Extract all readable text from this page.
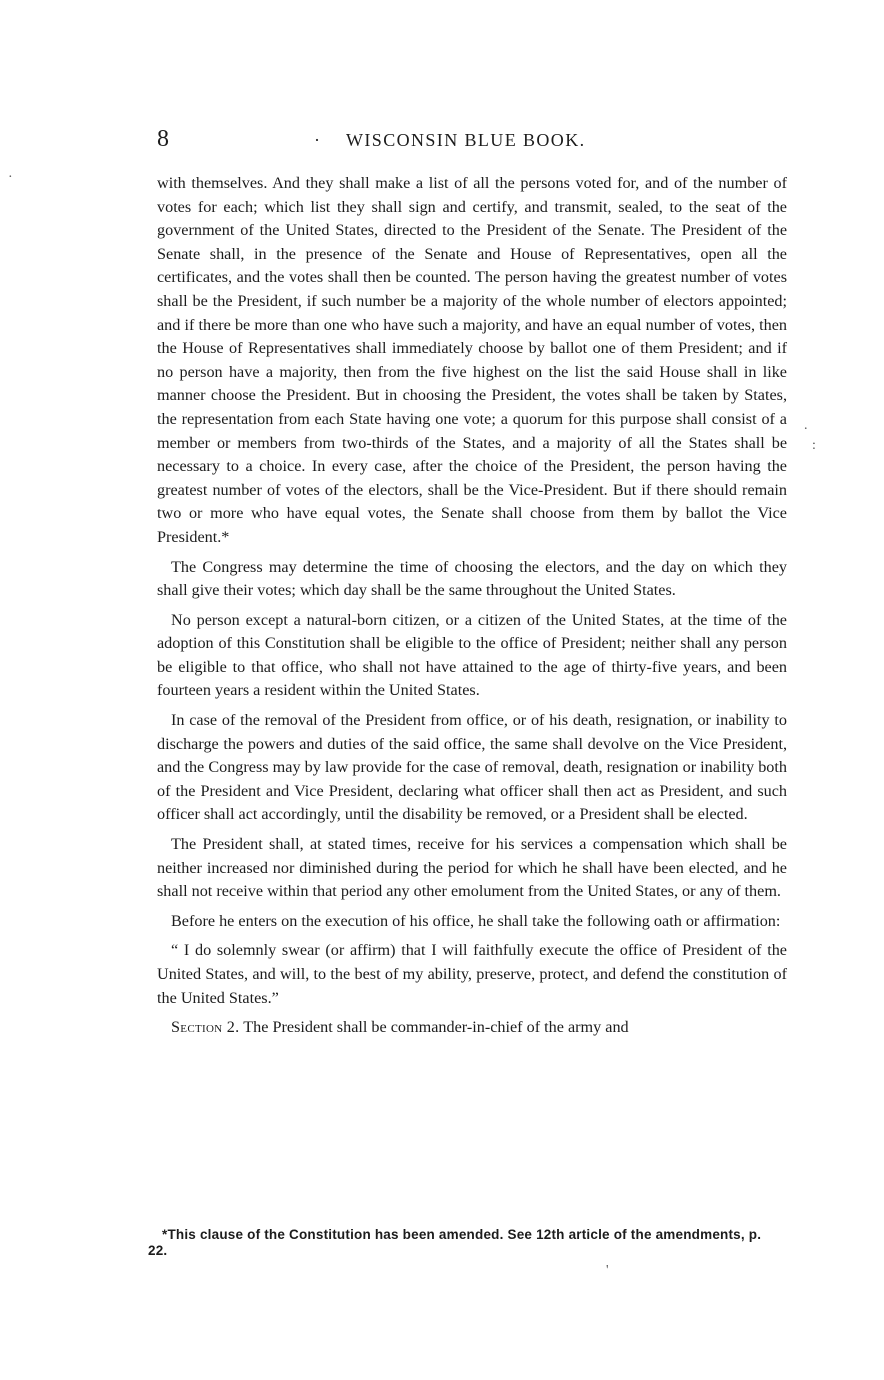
8	· WISCONSIN BLUE BOOK.

with themselves. And they shall make a list of all the persons voted for, and of the number of votes for each; which list they shall sign and certify, and transmit, sealed, to the seat of the government of the United States, directed to the President of the Senate. The President of the Senate shall, in the presence of the Senate and House of Representatives, open all the certificates, and the votes shall then be counted. The person having the greatest number of votes shall be the President, if such number be a majority of the whole number of electors appointed; and if there be more than one who have such a majority, and have an equal number of votes, then the House of Representatives shall immediately choose by ballot one of them President; and if no person have a majority, then from the five highest on the list the said House shall in like manner choose the President. But in choosing the President, the votes shall be taken by States, the representation from each State having one vote; a quorum for this purpose shall consist of a member or members from two-thirds of the States, and a majority of all the States shall be necessary to a choice. In every case, after the choice of the President, the person having the greatest number of votes of the electors, shall be the Vice-President. But if there should remain two or more who have equal votes, the Senate shall choose from them by ballot the Vice President.*

The Congress may determine the time of choosing the electors, and the day on which they shall give their votes; which day shall be the same throughout the United States.

No person except a natural-born citizen, or a citizen of the United States, at the time of the adoption of this Constitution shall be eligible to the office of President; neither shall any person be eligible to that office, who shall not have attained to the age of thirty-five years, and been fourteen years a resident within the United States.

In case of the removal of the President from office, or of his death, resignation, or inability to discharge the powers and duties of the said office, the same shall devolve on the Vice President, and the Congress may by law provide for the case of removal, death, resignation or inability both of the President and Vice President, declaring what officer shall then act as President, and such officer shall act accordingly, until the disability be removed, or a President shall be elected.

The President shall, at stated times, receive for his services a compensation which shall be neither increased nor diminished during the period for which he shall have been elected, and he shall not receive within that period any other emolument from the United States, or any of them.

Before he enters on the execution of his office, he shall take the following oath or affirmation:

“ I do solemnly swear (or affirm) that I will faithfully execute the office of President of the United States, and will, to the best of my ability, preserve, protect, and defend the constitution of the United States.”

Section 2. The President shall be commander-in-chief of the army and

*This clause of the Constitution has been amended. See 12th article of the amendments, p. 22.
.
:
·
'
